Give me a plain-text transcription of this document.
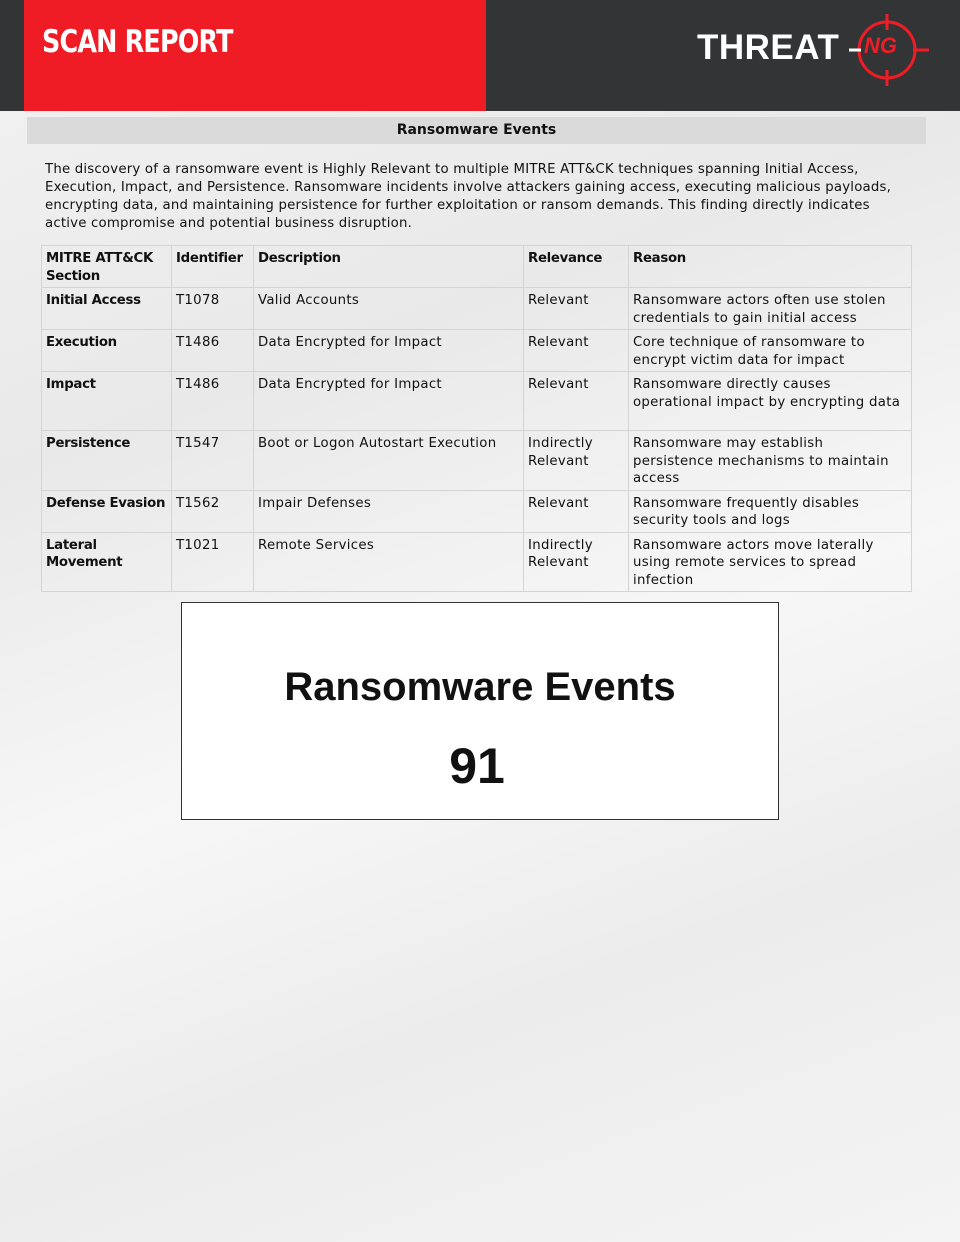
SCAN REPORT	THREAT NG
Ransomware Events

The discovery of a ransomware event is Highly Relevant to multiple MITRE ATT&CK techniques spanning Initial Access, Execution, Impact, and Persistence. Ransomware incidents involve attackers gaining access, executing malicious payloads, encrypting data, and maintaining persistence for further exploitation or ransom demands. This finding directly indicates active compromise and potential business disruption.

MITRE ATT&CK Section	Identifier	Description	Relevance	Reason
Initial Access	T1078	Valid Accounts	Relevant	Ransomware actors often use stolen credentials to gain initial access
Execution	T1486	Data Encrypted for Impact	Relevant	Core technique of ransomware to encrypt victim data for impact
Impact	T1486	Data Encrypted for Impact	Relevant	Ransomware directly causes operational impact by encrypting data
Persistence	T1547	Boot or Logon Autostart Execution	Indirectly Relevant	Ransomware may establish persistence mechanisms to maintain access
Defense Evasion	T1562	Impair Defenses	Relevant	Ransomware frequently disables security tools and logs
Lateral Movement	T1021	Remote Services	Indirectly Relevant	Ransomware actors move laterally using remote services to spread infection
Ransomware Events
91
